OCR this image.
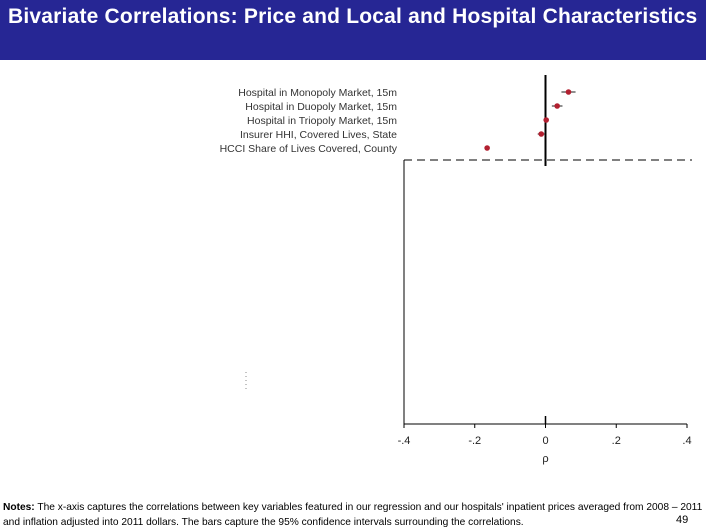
Bivariate Correlations: Price and Local and Hospital Characteristics
-.4	-.2	0	.2	.4
ρ
Hospital in Monopoly Market, 15m
Hospital in Duopoly Market, 15m
Hospital in Triopoly Market, 15m
Insurer HHI, Covered Lives, State
HCCI Share of Lives Covered, County
Notes: The x-axis captures the correlations between key variables featured in our regression and our hospitals' inpatient prices averaged from 2008 – 2011 and inflation adjusted into 2011 dollars. The bars capture the 95% confidence intervals surrounding the correlations.	49
